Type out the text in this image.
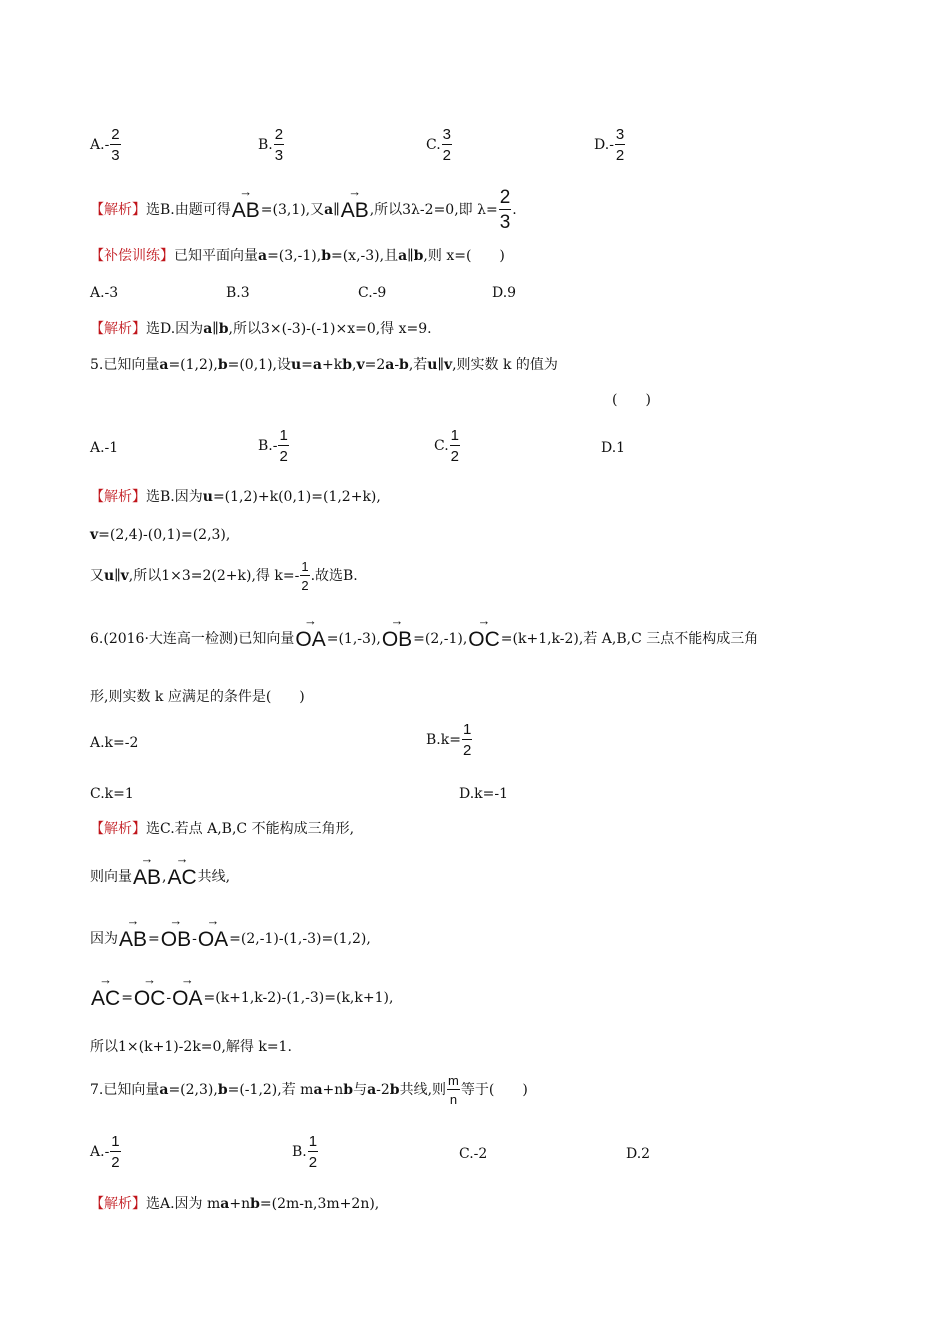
$A.- \frac{2}{3}$	B. $\frac{2}{3}$	C. $\frac{3}{2}$	$D.- \frac{3}{2}$
【解析】选B.由题可得
→
AB=(3,1),又a∥
→
AB,所以3λ-2=0,即 $\lambda= \frac{2}{3}$ .
【补偿训练】已知平面向量a=(3,-1),b=(x,-3),且a∥b,则 x=(　　)
A.-3	B.3	C.-9	D.9
【解析】选D.因为a∥b,所以3×(-3)-(-1)×x=0,得 x=9.
5.已知向量a=(1,2),b=(0,1),设u=a+kb,v=2a-b,若u∥v,则实数 k 的值为
(　　)
A.-1	$B.- \frac{1}{2}$	C. $\frac{1}{2}$	D.1
【解析】选B.因为u=(1,2)+k(0,1)=(1,2+k),
v=(2,4)-(0,1)=(2,3),
又u∥v,所以1×3=2(2+k),得 $k=- \frac{1}{2}$ .故选B.
6.(2016·大连高一检测)已知向量
→
OA=(1,-3),
→
OB=(2,-1),
→
OC=(k+1,k-2),若 A,B,C 三点不能构成三角
形,则实数 k 应满足的条件是(　　)
A.k=-2	$B.k= \frac{1}{2}$
C.k=1	D.k=-1
【解析】选C.若点 A,B,C 不能构成三角形,
则向量
→
AB,
→
AC共线,
因为
→
AB=
→
OB-
→
OA=(2,-1)-(1,-3)=(1,2),
→
AC=
→
OC-
→
OA=(k+1,k-2)-(1,-3)=(k,k+1),
所以1×(k+1)-2k=0,解得 k=1.
7.已知向量a=(2,3),b=(-1,2),若 ma+nb与a-2b共线,则 $\frac{m}{n}$ 等于(　　)
$A.- \frac{1}{2}$	B. $\frac{1}{2}$	C.-2	D.2
【解析】选A.因为 ma+nb=(2m-n,3m+2n),
